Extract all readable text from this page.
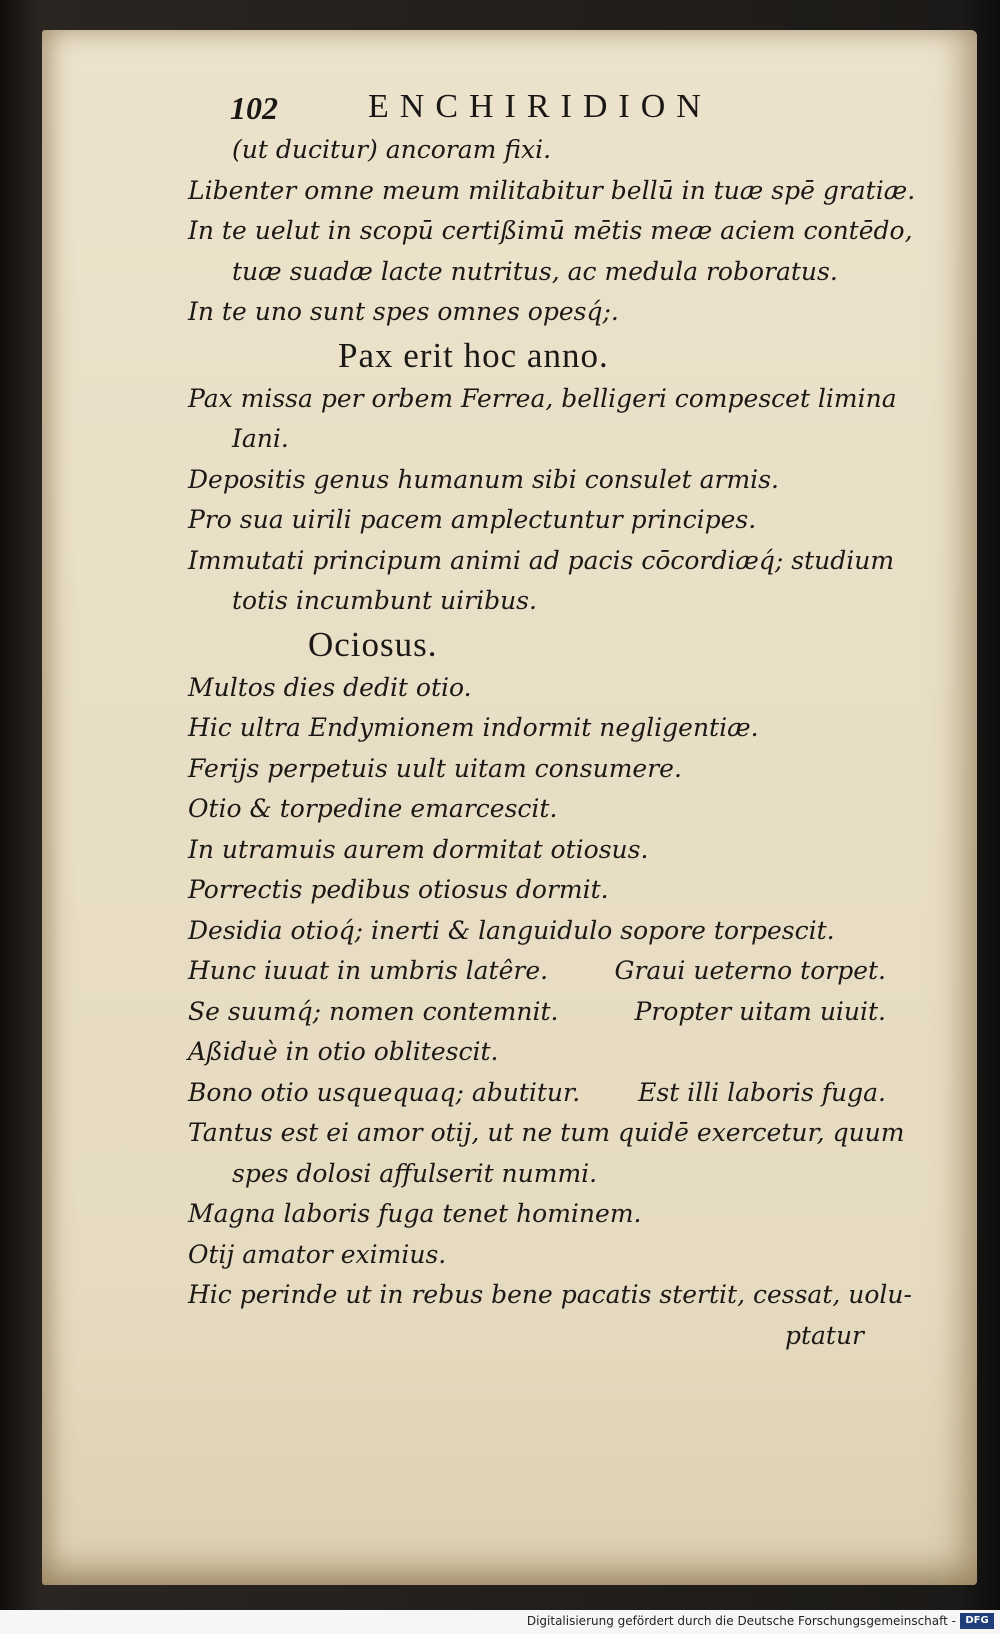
102	ENCHIRIDION
(ut ducitur) ancoram fixi.
Libenter omne meum militabitur bellū in tuæ spē gratiæ.
In te uelut in scopū certißimū mētis meæ aciem contēdo,
tuæ suadæ lacte nutritus, ac medula roboratus.
In te uno sunt spes omnes opesq́;.
Pax erit hoc anno.
Pax missa per orbem Ferrea, belligeri compescet limina
Iani.
Depositis genus humanum sibi consulet armis.
Pro sua uirili pacem amplectuntur principes.
Immutati principum animi ad pacis cōcordiæq́; studium
totis incumbunt uiribus.
Ociosus.
Multos dies dedit otio.
Hic ultra Endymionem indormit negligentiæ.
Ferijs perpetuis uult uitam consumere.
Otio & torpedine emarcescit.
In utramuis aurem dormitat otiosus.
Porrectis pedibus otiosus dormit.
Desidia otioq́; inerti & languidulo sopore torpescit.
Hunc iuuat in umbris latêre.	Graui ueterno torpet.
Se suumq́; nomen contemnit.	Propter uitam uiuit.
Aßiduè in otio oblitescit.
Bono otio usquequaq; abutitur. Est illi laboris fuga.
Tantus est ei amor otij, ut ne tum quidē exercetur, quum
spes dolosi affulserit nummi.
Magna laboris fuga tenet hominem.
Otij amator eximius.
Hic perinde ut in rebus bene pacatis stertit, cessat, uolu-
ptatur
Digitalisierung gefördert durch die Deutsche Forschungsgemeinschaft - DFG
